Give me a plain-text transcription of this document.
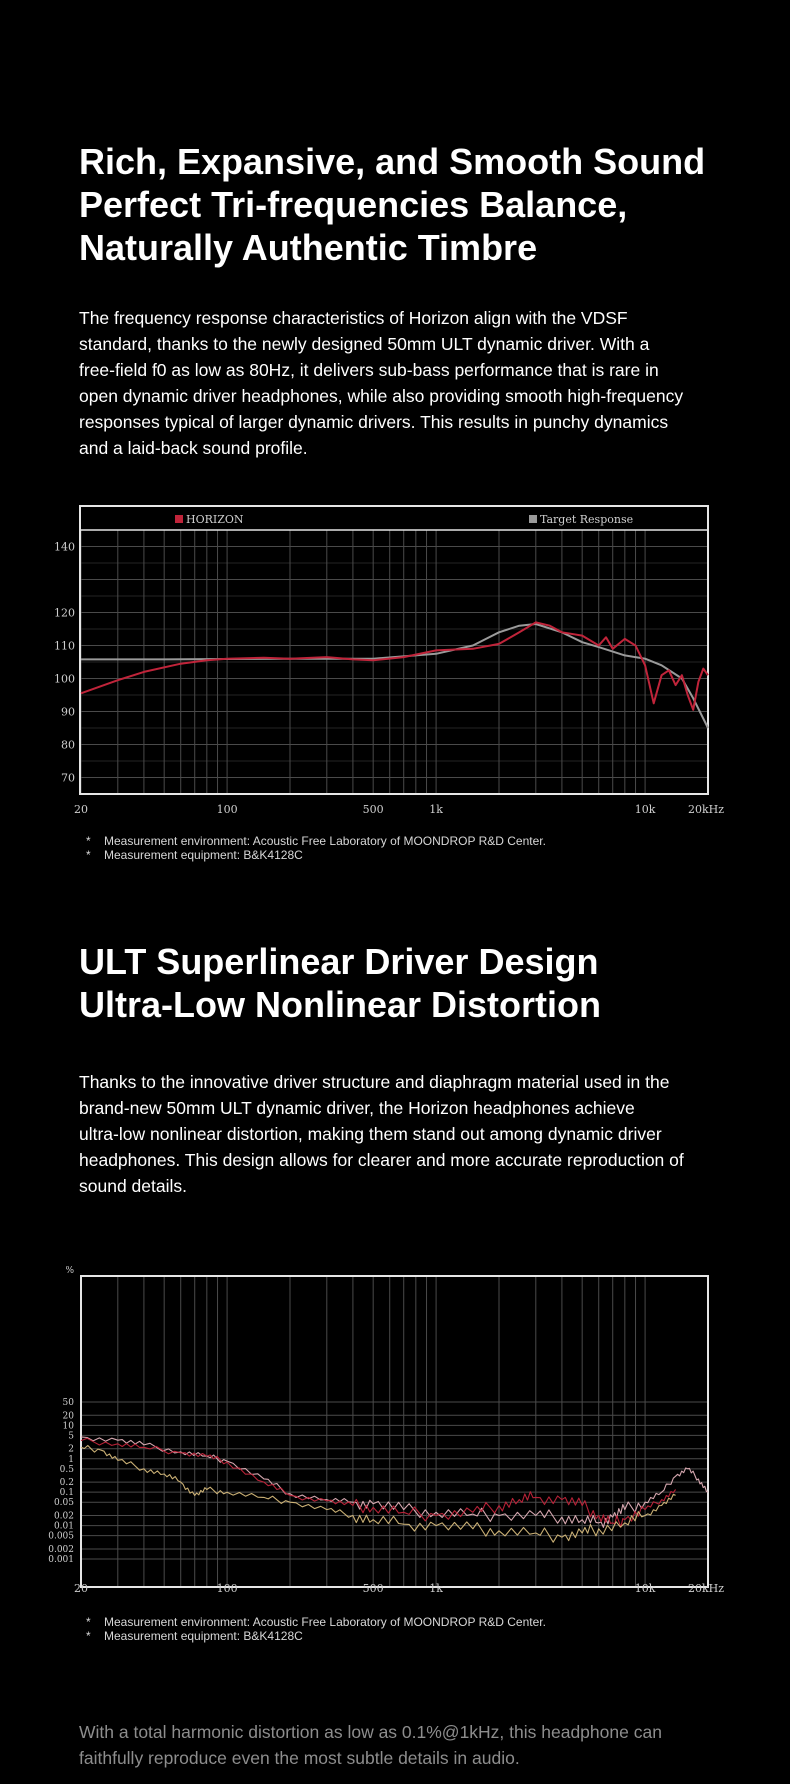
Rich, Expansive, and Smooth Sound
Perfect Tri-frequencies Balance,
Naturally Authentic Timbre
The frequency response characteristics of Horizon align with the VDSF
standard, thanks to the newly designed 50mm ULT dynamic driver. With a
free-field f0 as low as 80Hz, it delivers sub-bass performance that is rare in
open dynamic driver headphones, while also providing smooth high-frequency
responses typical of larger dynamic drivers. This results in punchy dynamics
and a laid-back sound profile.
HORIZON	Target Response
70
80
90
100
110
120
140
20	100	500	1k	10k	20kHz
* Measurement environment: Acoustic Free Laboratory of MOONDROP R&D Center.
* Measurement equipment: B&K4128C
ULT Superlinear Driver Design
Ultra-Low Nonlinear Distortion
Thanks to the innovative driver structure and diaphragm material used in the
brand-new 50mm ULT dynamic driver, the Horizon headphones achieve
ultra-low nonlinear distortion, making them stand out among dynamic driver
headphones. This design allows for clearer and more accurate reproduction of
sound details.
%
50
20
10
5
2
1
0.5
0.2
0.1
0.05
0.02
0.01
0.005
0.002
0.001
20	100	500	1k	10k	20kHz
* Measurement environment: Acoustic Free Laboratory of MOONDROP R&D Center.
* Measurement equipment: B&K4128C
With a total harmonic distortion as low as 0.1%@1kHz, this headphone can
faithfully reproduce even the most subtle details in audio.
